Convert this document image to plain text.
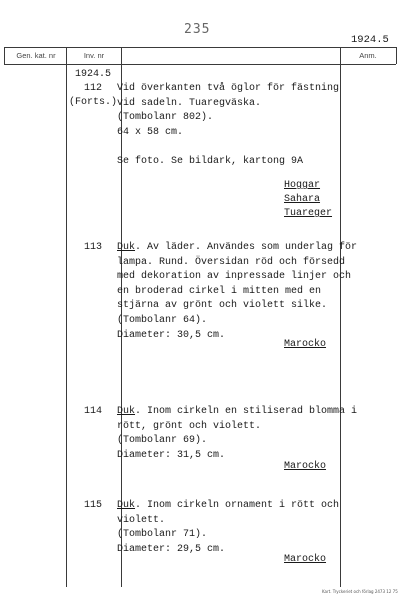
235
1924.5
Gen. kat. nr	Inv. nr	Anm.
1924.5
112
(Forts.)
Vid överkanten två öglor för fästning
vid sadeln. Tuaregväska.
(Tombolanr 802).
64 x 58 cm.
Se foto. Se bildark, kartong 9A
Hoggar
Sahara
Tuareger
113	Duk. Av läder. Användes som underlag för
lampa. Rund. Översidan röd och försedd
med dekoration av inpressade linjer och
en broderad cirkel i mitten med en
stjärna av grönt och violett silke.
(Tombolanr 64).
Diameter: 30,5 cm.
Marocko
114	Duk. Inom cirkeln en stiliserad blomma i
rött, grönt och violett.
(Tombolanr 69).
Diameter: 31,5 cm.
Marocko
115	Duk. Inom cirkeln ornament i rött och
violett.
(Tombolanr 71).
Diameter: 29,5 cm.
Marocko
Kart. Tryckeriet och förlag 2473 12 75
